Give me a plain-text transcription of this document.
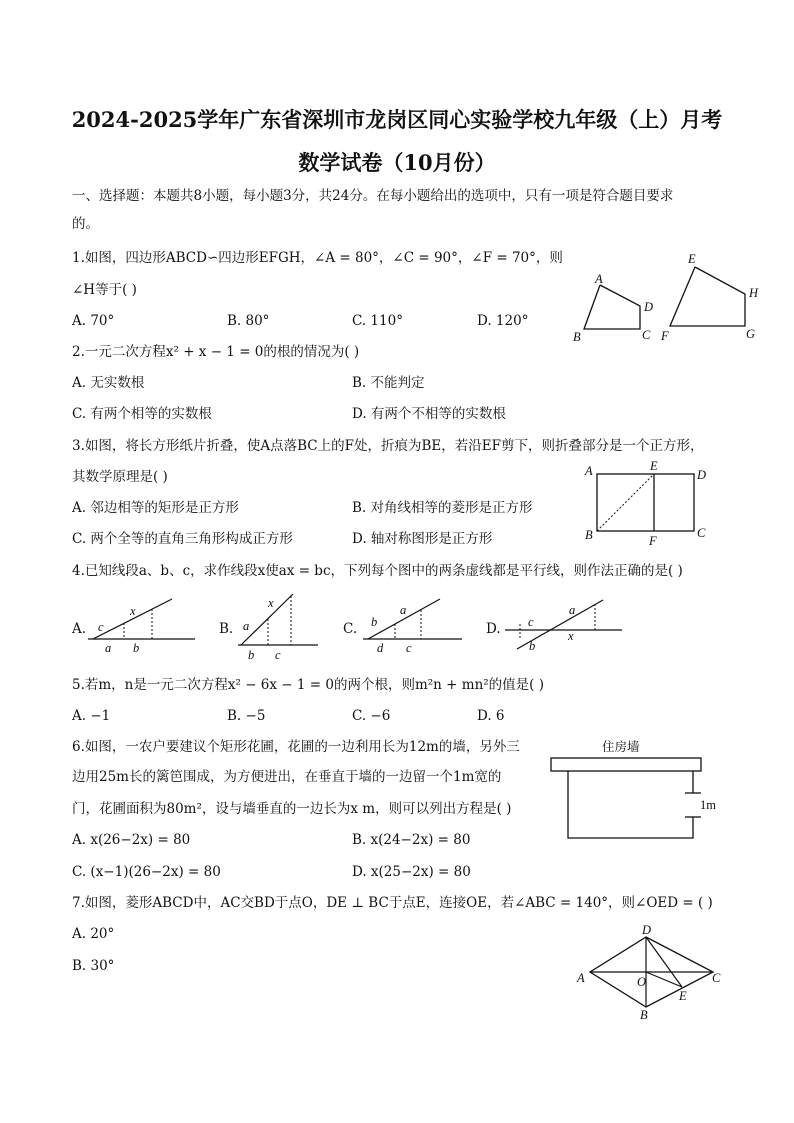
2024-2025学年广东省深圳市龙岗区同心实验学校九年级（上）月考
数学试卷（10月份）
一、选择题：本题共8小题，每小题3分，共24分。在每小题给出的选项中，只有一项是符合题目要求
的。
1.如图，四边形ABCD∽四边形EFGH，∠A = 80°，∠C = 90°，∠F = 70°，则
∠H等于( )
A. 70°	B. 80°	C. 110°	D. 120°
A
B	C
D
E
F	G
H
2.一元二次方程x² + x − 1 = 0的根的情况为( )
A. 无实数根	B. 不能判定
C. 有两个相等的实数根	D. 有两个不相等的实数根
3.如图，将长方形纸片折叠，使A点落BC上的F处，折痕为BE，若沿EF剪下，则折叠部分是一个正方形，
其数学原理是( )
A. 邻边相等的矩形是正方形	B. 对角线相等的菱形是正方形
C. 两个全等的直角三角形构成正方形	D. 轴对称图形是正方形
A	E
D
B	C
F
4.已知线段a、b、c，求作线段x使ax = bc，下列每个图中的两条虚线都是平行线，则作法正确的是( )
A. c
x
a b
B. a
x
b c
C. b
a
d c
D. c
a
b
x
5.若m，n是一元二次方程x² − 6x − 1 = 0的两个根，则m²n + mn²的值是( )
A. −1	B. −5	C. −6	D. 6
6.如图，一农户要建议个矩形花圃，花圃的一边利用长为12m的墙，另外三
边用25m长的篱笆围成，为方便进出，在垂直于墙的一边留一个1m宽的
门，花圃面积为80m²，设与墙垂直的一边长为x m，则可以列出方程是( )
A. x(26−2x) = 80	B. x(24−2x) = 80
C. (x−1)(26−2x) = 80	D. x(25−2x) = 80
住房墙
1m
7.如图，菱形ABCD中，AC交BD于点O，DE ⊥ BC于点E，连接OE，若∠ABC = 140°，则∠OED = ( )
A. 20°
B. 30°
D
A	O
E
C
B
